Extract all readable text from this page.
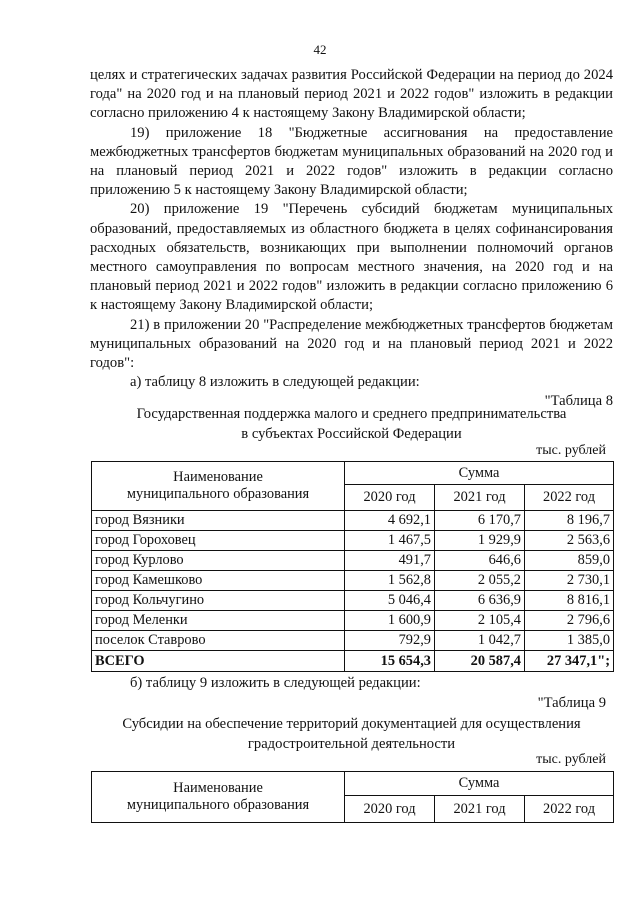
42

целях и стратегических задачах развития Российской Федерации на период до 2024 года" на 2020 год и на плановый период 2021 и 2022 годов" изложить в редакции согласно приложению 4 к настоящему Закону Владимирской области;

19) приложение 18 "Бюджетные ассигнования на предоставление межбюджетных трансфертов бюджетам муниципальных образований на 2020 год и на плановый период 2021 и 2022 годов" изложить в редакции согласно приложению 5 к настоящему Закону Владимирской области;

20) приложение 19 "Перечень субсидий бюджетам муниципальных образований, предоставляемых из областного бюджета в целях софинансирования расходных обязательств, возникающих при выполнении полномочий органов местного самоуправления по вопросам местного значения, на 2020 год и на плановый период 2021 и 2022 годов" изложить в редакции согласно приложению 6 к настоящему Закону Владимирской области;

21) в приложении 20 "Распределение межбюджетных трансфертов бюджетам муниципальных образований на 2020 год и на плановый период 2021 и 2022 годов":

а) таблицу 8 изложить в следующей редакции:

"Таблица 8

Государственная поддержка малого и среднего предпринимательства
в субъектах Российской Федерации
тыс. рублей
Наименование
муниципального образования	Сумма		
	2020 год	2021 год	2022 год
город Вязники	4 692,1	6 170,7	8 196,7
город Гороховец	1 467,5	1 929,9	2 563,6
город Курлово	491,7	646,6	859,0
город Камешково	1 562,8	2 055,2	2 730,1
город Кольчугино	5 046,4	6 636,9	8 816,1
город Меленки	1 600,9	2 105,4	2 796,6
поселок Ставрово	792,9	1 042,7	1 385,0
ВСЕГО	15 654,3	20 587,4	27 347,1";
б) таблицу 9 изложить в следующей редакции:
"Таблица 9
Субсидии на обеспечение территорий документацией для осуществления
градостроительной деятельности
тыс. рублей
Наименование
муниципального образования	Сумма		
	2020 год	2021 год	2022 год
